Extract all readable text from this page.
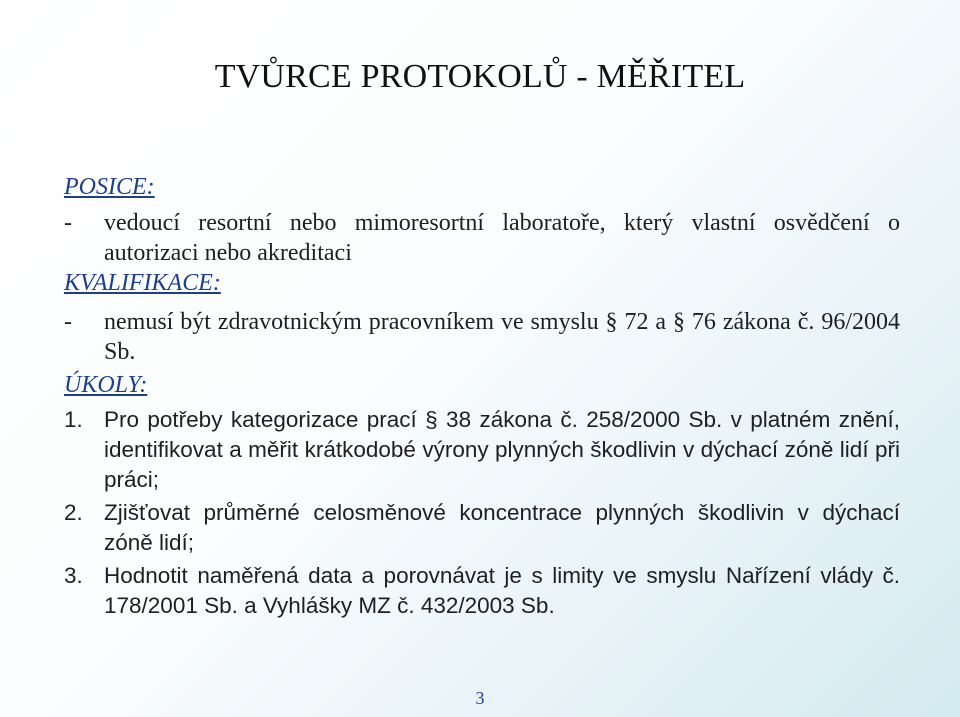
TVŮRCE PROTOKOLŮ - MĚŘITEL
POSICE:
-	vedoucí resortní nebo mimoresortní laboratoře, který vlastní osvědčení o autorizaci nebo akreditaci
KVALIFIKACE:
-	nemusí být zdravotnickým pracovníkem ve smyslu § 72 a § 76 zákona č. 96/2004 Sb.
ÚKOLY:
1. Pro potřeby kategorizace prací § 38 zákona č. 258/2000 Sb. v platném znění, identifikovat a měřit krátkodobé výrony plynných škodlivin v dýchací zóně lidí při práci;
2. Zjišťovat průměrné celosměnové koncentrace plynných škodlivin v dýchací zóně lidí;
3. Hodnotit naměřená data a porovnávat je s limity ve smyslu Nařízení vlády č. 178/2001 Sb. a Vyhlášky MZ č. 432/2003 Sb.
3
